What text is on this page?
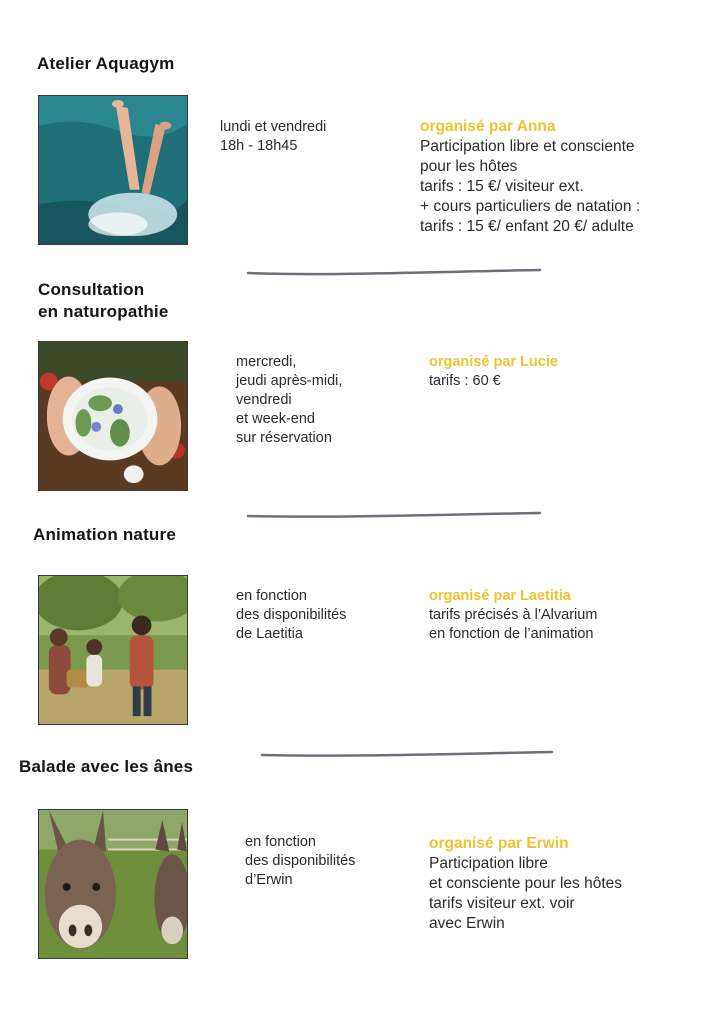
Atelier Aquagym
lundi et vendredi
18h - 18h45
organisé par Anna
Participation libre et consciente
pour les hôtes
tarifs : 15 €/ visiteur ext.
+ cours particuliers de natation :
tarifs : 15 €/ enfant 20 €/ adulte
Consultation
en naturopathie
mercredi,
jeudi après-midi,
vendredi
et week-end
sur réservation
organisé par Lucie
tarifs : 60 €
Animation nature
en fonction
des disponibilités
de Laetitia
organisé par Laetitia
tarifs précisés à l’Alvarium
en fonction de l’animation
Balade avec les ânes
en fonction
des disponibilités
d’Erwin
organisé par Erwin
Participation libre
et consciente pour les hôtes
tarifs visiteur ext. voir
avec Erwin
